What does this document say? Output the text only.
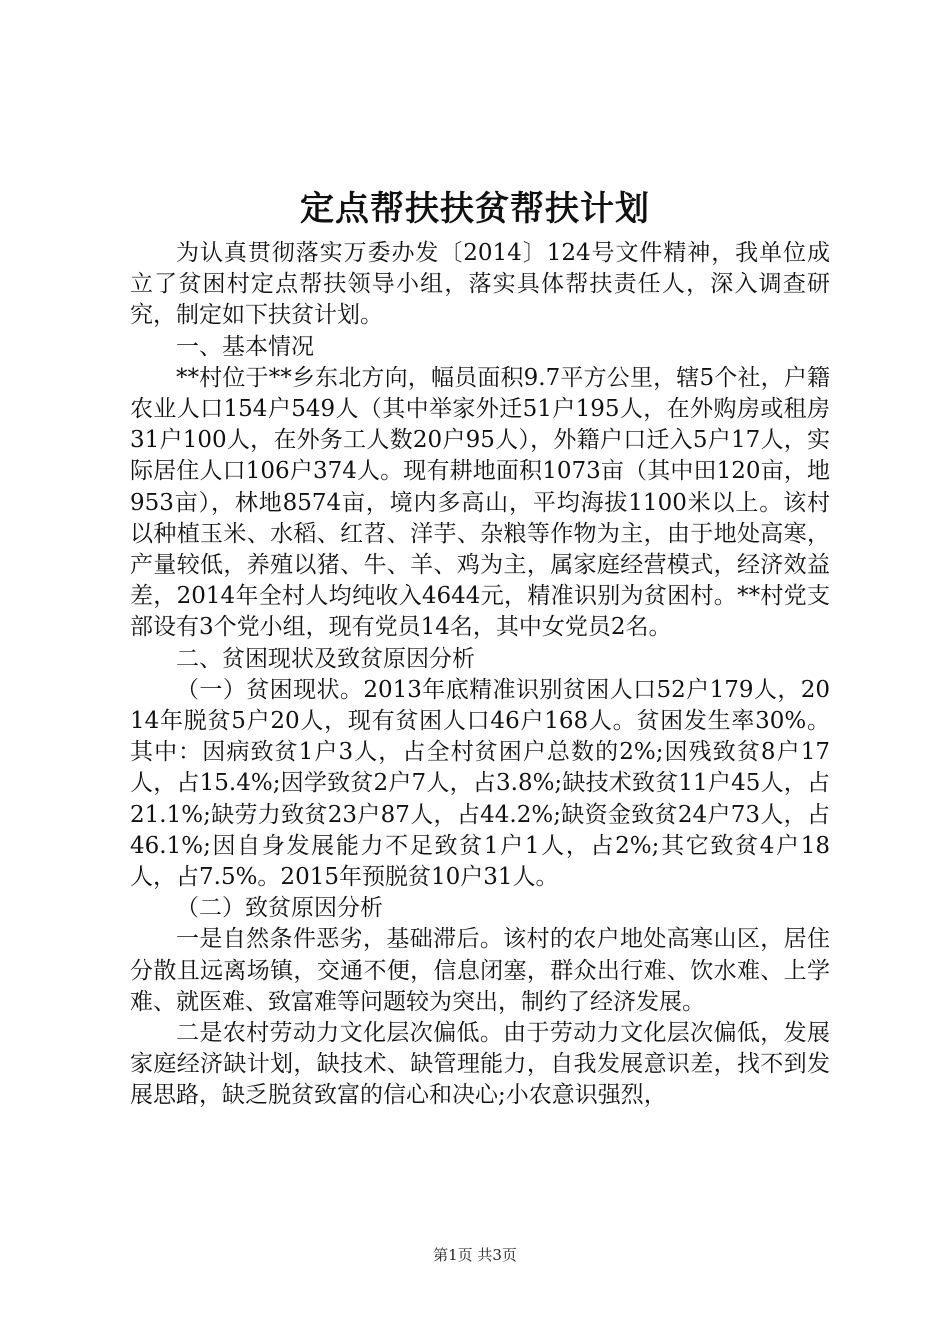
定点帮扶扶贫帮扶计划

为认真贯彻落实万委办发〔2014〕124号文件精神，我单位成立了贫困村定点帮扶领导小组，落实具体帮扶责任人，深入调查研究，制定如下扶贫计划。

一、基本情况

**村位于**乡东北方向，幅员面积9.7平方公里，辖5个社，户籍农业人口154户549人（其中举家外迁51户195人，在外购房或租房31户100人，在外务工人数20户95人），外籍户口迁入5户17人，实际居住人口106户374人。现有耕地面积1073亩（其中田120亩，地953亩），林地8574亩，境内多高山，平均海拔1100米以上。该村以种植玉米、水稻、红苕、洋芋、杂粮等作物为主，由于地处高寒，产量较低，养殖以猪、牛、羊、鸡为主，属家庭经营模式，经济效益差，2014年全村人均纯收入4644元，精准识别为贫困村。**村党支部设有3个党小组，现有党员14名，其中女党员2名。

二、贫困现状及致贫原因分析

（一）贫困现状。2013年底精准识别贫困人口52户179人，2014年脱贫5户20人，现有贫困人口46户168人。贫困发生率30%。其中：因病致贫1户3人，占全村贫困户总数的2%;因残致贫8户17人，占15.4%;因学致贫2户7人，占3.8%;缺技术致贫11户45人，占21.1%;缺劳力致贫23户87人，占44.2%;缺资金致贫24户73人，占46.1%;因自身发展能力不足致贫1户1人，占2%;其它致贫4户18人，占7.5%。2015年预脱贫10户31人。

（二）致贫原因分析

一是自然条件恶劣，基础滞后。该村的农户地处高寒山区，居住分散且远离场镇，交通不便，信息闭塞，群众出行难、饮水难、上学难、就医难、致富难等问题较为突出，制约了经济发展。

二是农村劳动力文化层次偏低。由于劳动力文化层次偏低，发展家庭经济缺计划，缺技术、缺管理能力，自我发展意识差，找不到发展思路，缺乏脱贫致富的信心和决心;小农意识强烈，

第1页 共3页
